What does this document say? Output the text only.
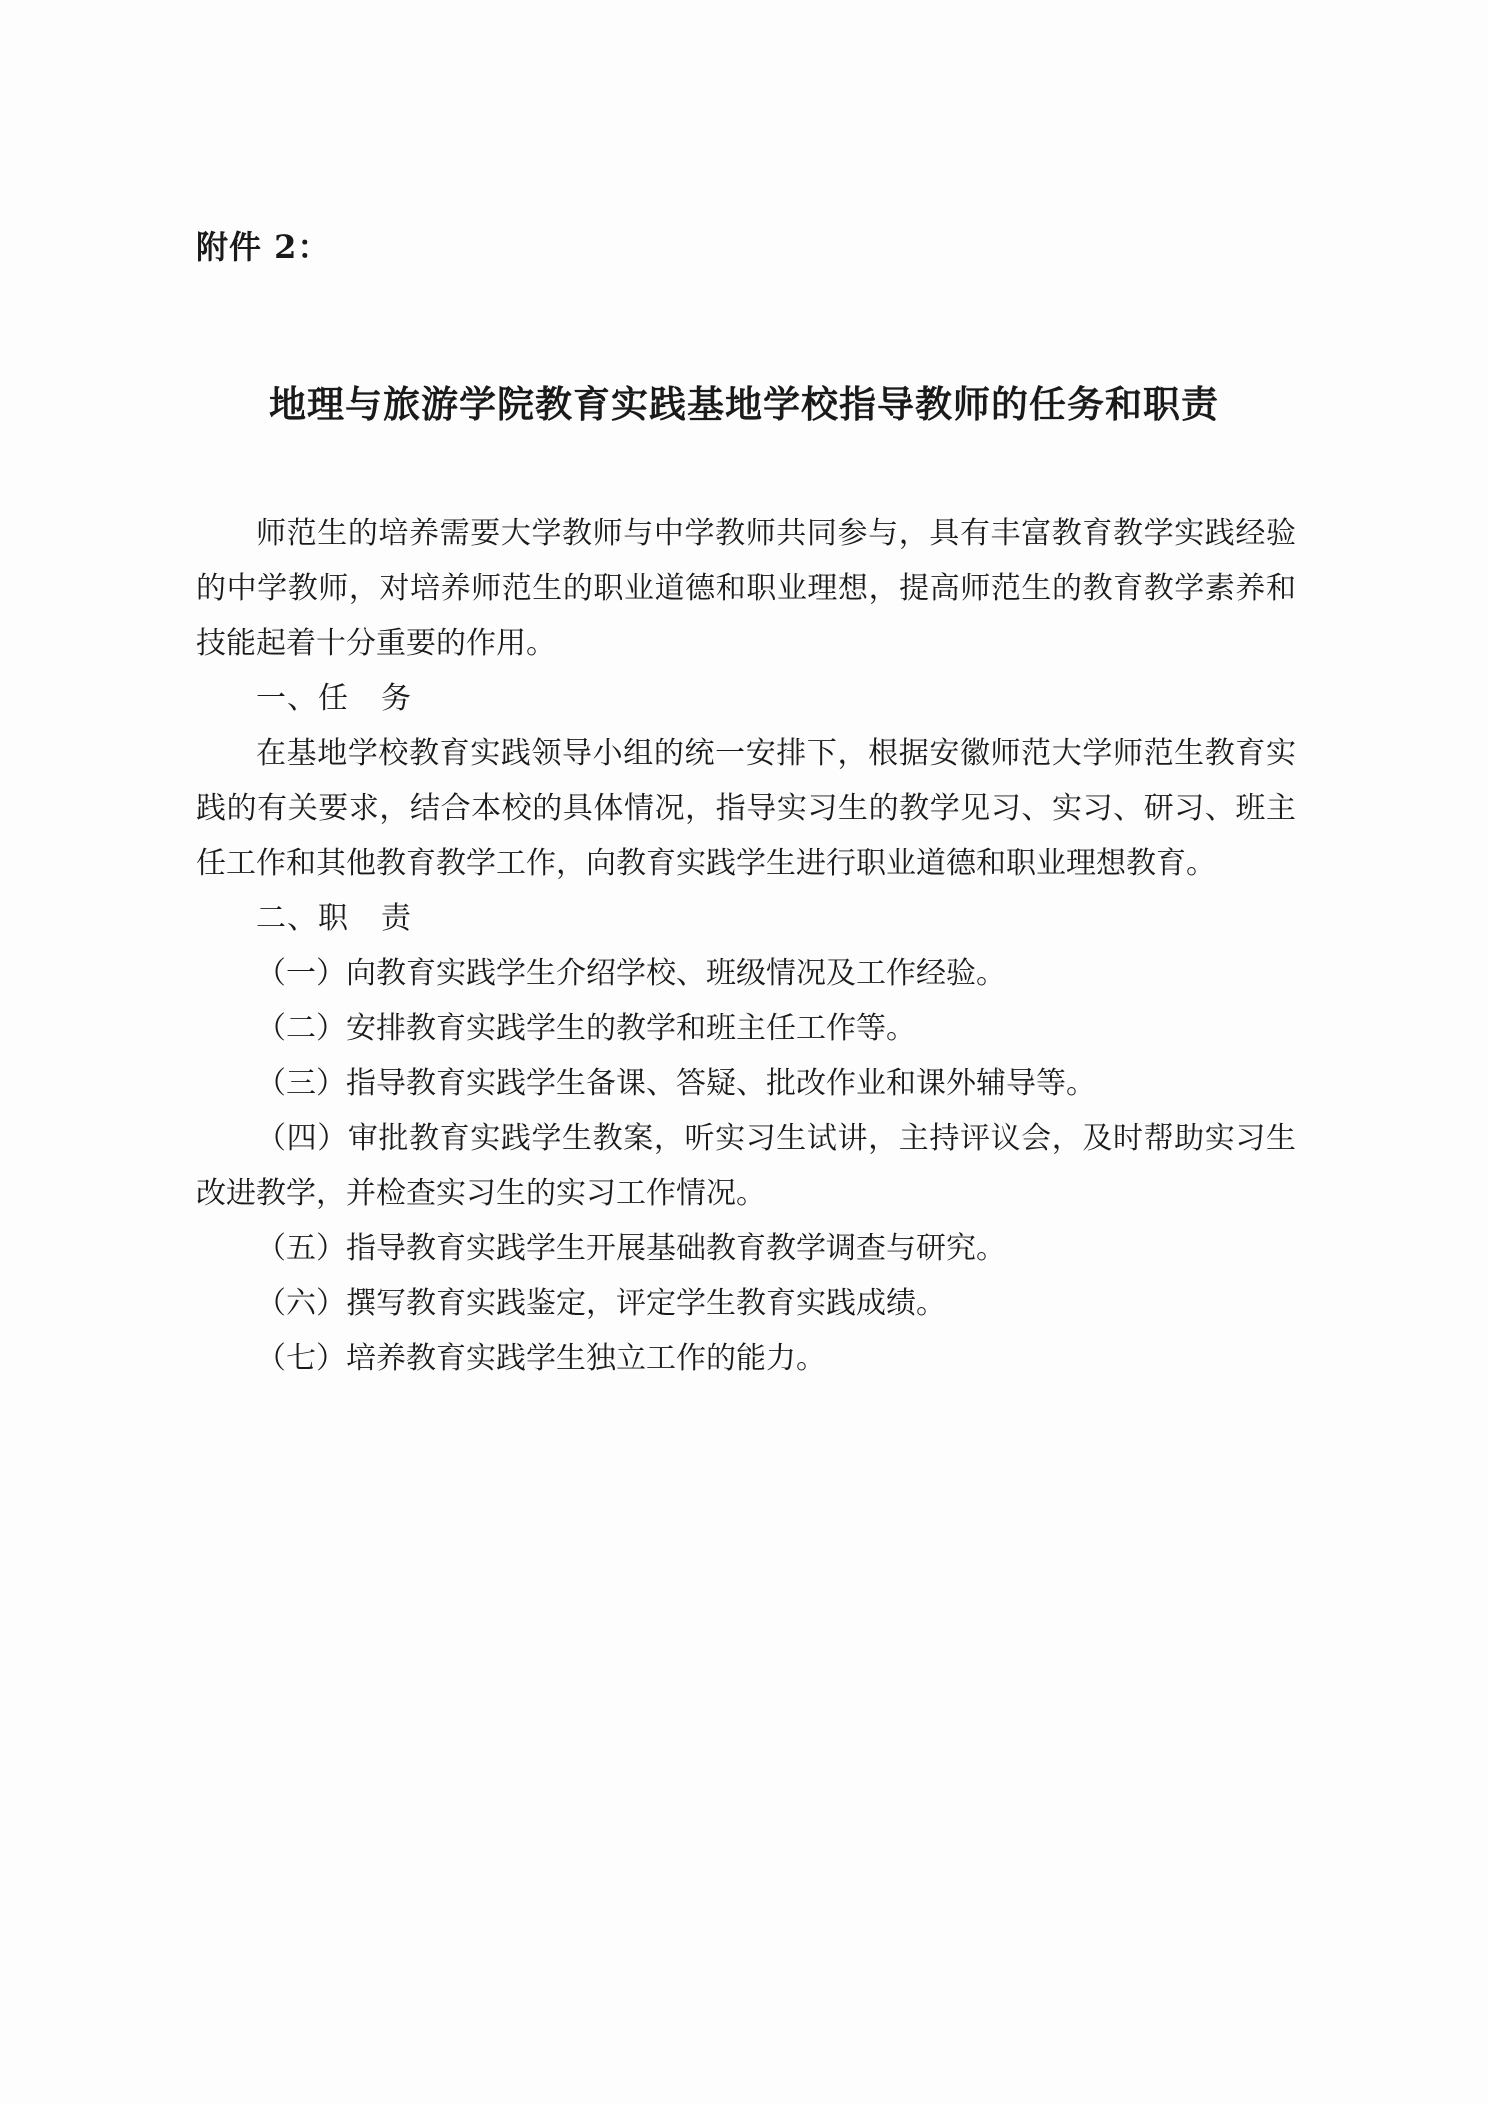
附件 2：
地理与旅游学院教育实践基地学校指导教师的任务和职责

师范生的培养需要大学教师与中学教师共同参与，具有丰富教育教学实践经验的中学教师，对培养师范生的职业道德和职业理想，提高师范生的教育教学素养和技能起着十分重要的作用。

一、任 务

在基地学校教育实践领导小组的统一安排下，根据安徽师范大学师范生教育实践的有关要求，结合本校的具体情况，指导实习生的教学见习、实习、研习、班主任工作和其他教育教学工作，向教育实践学生进行职业道德和职业理想教育。

二、职 责

（一）向教育实践学生介绍学校、班级情况及工作经验。

（二）安排教育实践学生的教学和班主任工作等。

（三）指导教育实践学生备课、答疑、批改作业和课外辅导等。

（四）审批教育实践学生教案，听实习生试讲，主持评议会，及时帮助实习生改进教学，并检查实习生的实习工作情况。

（五）指导教育实践学生开展基础教育教学调查与研究。

（六）撰写教育实践鉴定，评定学生教育实践成绩。

（七）培养教育实践学生独立工作的能力。
